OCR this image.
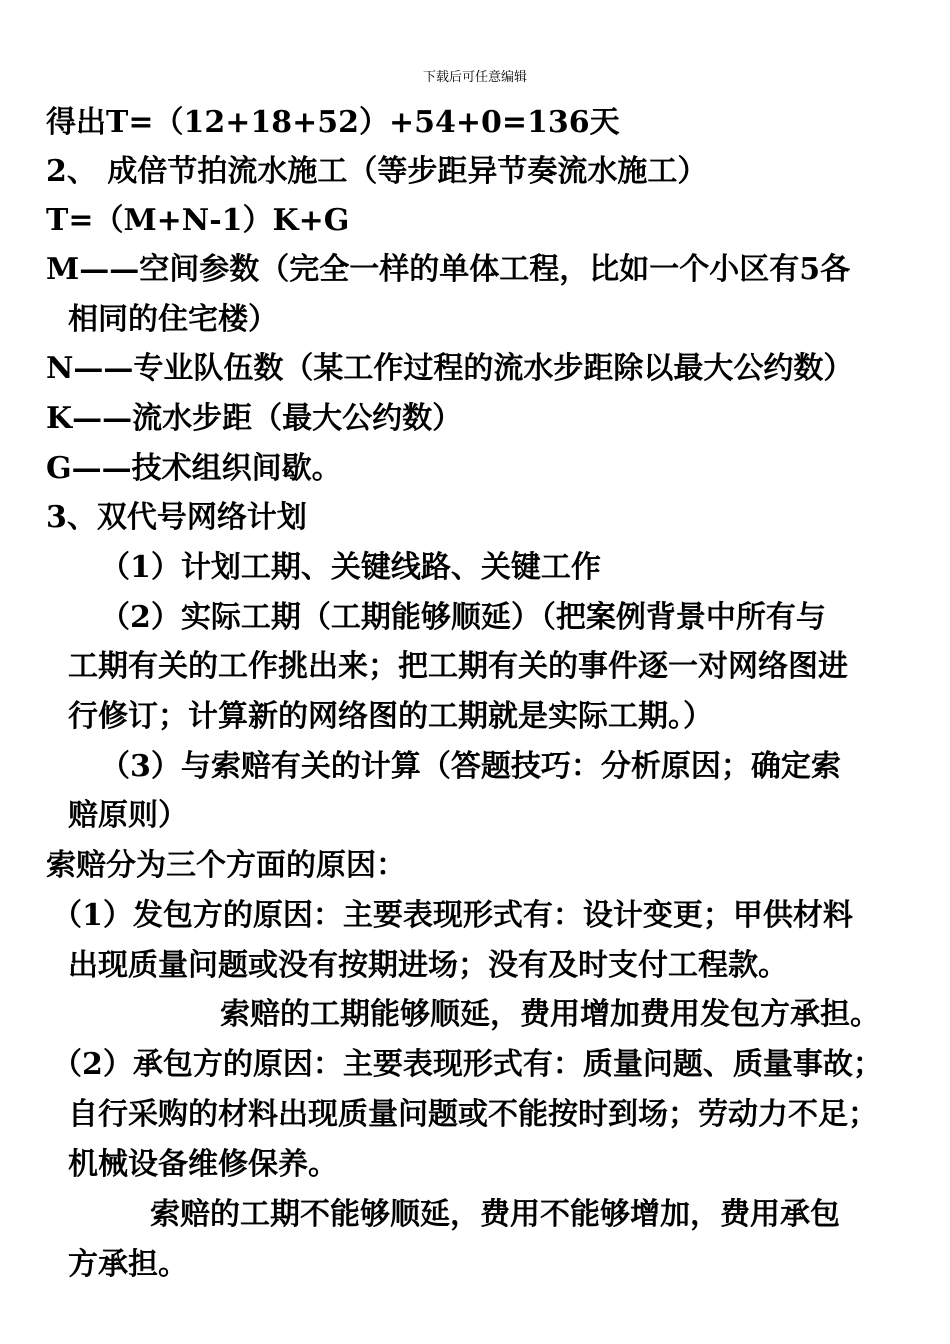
下载后可任意编辑
得出T=（12+18+52）+54+0=136天
2、 成倍节拍流水施工（等步距异节奏流水施工）
T=（M+N-1）K+G
M——空间参数（完全一样的单体工程，比如一个小区有5各
相同的住宅楼）
N——专业队伍数（某工作过程的流水步距除以最大公约数）
K——流水步距（最大公约数）
G——技术组织间歇。
3、双代号网络计划
（1）计划工期、关键线路、关键工作
（2）实际工期（工期能够顺延）（把案例背景中所有与
工期有关的工作挑出来；把工期有关的事件逐一对网络图进
行修订；计算新的网络图的工期就是实际工期。）
（3）与索赔有关的计算（答题技巧：分析原因；确定索
赔原则）
索赔分为三个方面的原因：
（1）发包方的原因：主要表现形式有：设计变更；甲供材料
出现质量问题或没有按期进场；没有及时支付工程款。
索赔的工期能够顺延，费用增加费用发包方承担。
（2）承包方的原因：主要表现形式有：质量问题、质量事故；
自行采购的材料出现质量问题或不能按时到场；劳动力不足；
机械设备维修保养。
索赔的工期不能够顺延，费用不能够增加，费用承包
方承担。
